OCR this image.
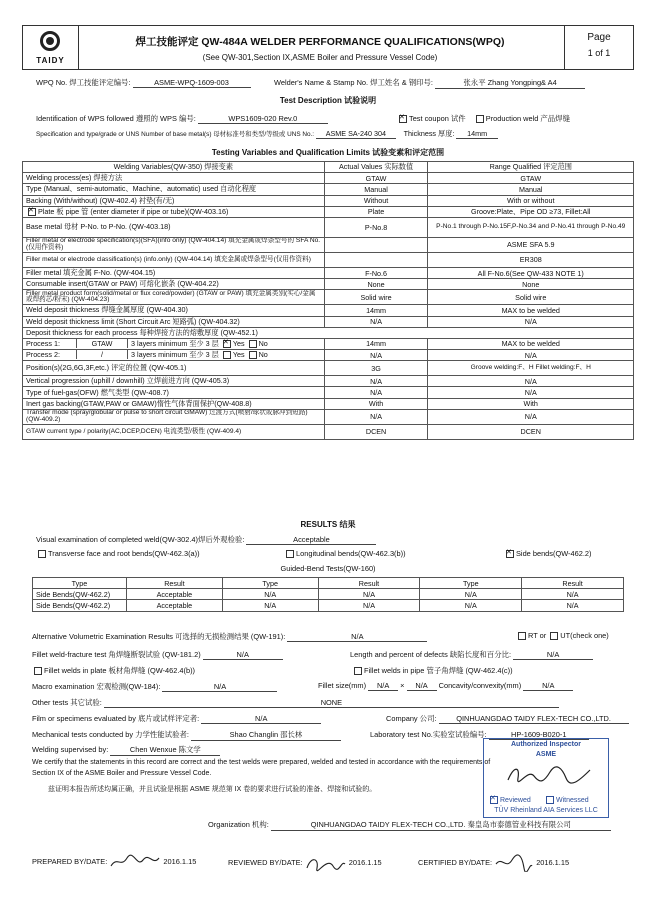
TAIDY
焊工技能评定 QW-484A WELDER PERFORMANCE QUALIFICATIONS(WPQ)
(See QW-301,Section IX,ASME Boiler and Pressure Vessel Code)
Page
1 of 1
WPQ No. 焊工技能评定编号:	ASME-WPQ-1609-003	Welder's Name & Stamp No. 焊工姓名 & 钢印号:	张永平 Zhang Yongping& A4
Test Description 试验说明
Identification of WPS followed 遵照的 WPS 编号:	WPS1609-020 Rev.0 ✕	Test coupon 试件	Production weld 产品焊缝
Specification and type/grade or UNS Number of base metal(s) 母材标准号和类型/等级或 UNS No.: ASME SA-240 304 Thickness 厚度: 14mm
Testing Variables and Qualification Limits 试验变素和评定范围
Welding Variables(QW-350) 焊接变素	Actual Values 实际数值	Range Qualified 评定范围
Welding process(es) 焊接方法	GTAW	GTAW
Type (Manual、semi-automatic、Machine、automatic) used 自动化程度	Manual	Manual
Backing (With/without) (QW-402.4) 衬垫(有/无)	Without	With or without
✕Plate 板 pipe 管 (enter diameter if pipe or tube)(QW-403.16)	Plate	Groove:Plate、Pipe OD ≥73, Fillet:All
Base metal 母材 P-No. to P-No. (QW-403.18)	P-No.8	P-No.1 through P-No.15F,P-No.34 and P-No.41 through P-No.49
Filler metal or electrode specification(s)(SFA)(info only) (QW-404.14) 填充金属或焊条型号的 SFA No.(仅用作资料)		ASME SFA 5.9
Filler metal or electrode classification(s) (info.only) (QW-404.14) 填充金属或焊条型号(仅用作资料)		ER308
Filler metal 填充金属 F-No. (QW-404.15)	F-No.6	All F-No.6(See QW-433 NOTE 1)
Consumable insert(GTAW or PAW) 可熔化嵌条 (QW-404.22)	None	None
Filler metal product form(solid/metal or flux cored/powder) (GTAW or PAW) 填充金属类别(实心/金属或焊药芯/粉末) (QW-404.23)	Solid wire	Solid wire
Weld deposit thickness 焊缝金属厚度 (QW-404.30)	14mm	MAX to be welded
Weld deposit thickness limit (Short Circuit Arc 短路弧) (QW-404.32)	N/A	N/A
Deposit thickness for each process 每种焊接方法的熔敷厚度 (QW-452.1)		
Process 1: GTAW 3 layers minimum 至少 3 层 ✕ Yes No	14mm	MAX to be welded
Process 2: / 3 layers minimum 至少 3 层 Yes No	N/A	N/A
Position(s)(2G,6G,3F,etc.) 评定的位置 (QW-405.1)	3G	Groove welding:F、H Fillet welding:F、H
Vertical progression (uphill / downhill) 立焊前进方向 (QW-405.3)	N/A	N/A
Type of fuel-gas(OFW) 燃气类型 (QW-408.7)	N/A	N/A
Inert gas backing(GTAW,PAW or GMAW)惰性气体背面保护(QW-408.8)	With	With
Transfer mode (spray/globular or pulse to short circuit GMAW) 过渡方式(喷射/球状或脉冲到短路) (QW-409.2)	N/A	N/A
GTAW current type / polarity(AC,DCEP,DCEN) 电流类型/极性 (QW-409.4)	DCEN	DCEN
RESULTS 结果
Visual examination of completed weld(QW-302.4)焊后外观检验:	Acceptable
Transverse face and root bends(QW-462.3(a))	Longitudinal bends(QW-462.3(b)) ✕	Side bends(QW-462.2)
Guided-Bend Tests(QW-160)
Type	Result	Type	Result	Type	Result
Side Bends(QW-462.2)	Acceptable	N/A	N/A	N/A	N/A
Side Bends(QW-462.2)	Acceptable	N/A	N/A	N/A	N/A
Alternative Volumetric Examination Results 可选择的无损检测结果 (QW-191):	N/A	RT or UT(check one)
Fillet weld-fracture test 角焊缝断裂试验 (QW-181.2)	N/A	Length and percent of defects 缺陷长度和百分比:	N/A
Fillet welds in plate 板材角焊缝 (QW-462.4(b))	Fillet welds in pipe 管子角焊缝 (QW-462.4(c))
Macro examination 宏观检测(QW-184):	N/A	Fillet size(mm) N/A × N/A Concavity/convexity(mm)	N/A
Other tests 其它试验:	NONE
Film or specimens evaluated by 底片或试样评定者:	N/A	Company 公司:	QINHUANGDAO TAIDY FLEX-TECH CO.,LTD.
Mechanical tests conducted by 力学性能试验者:	Shao Changlin 邵长林	Laboratory test No.实验室试验编号:	HP-1609-B020-1
Welding supervised by:	Chen Wenxue 陈文学
We certify that the statements in this record are correct and the test welds were prepared, welded and tested in accordance with the requirements of
Section IX of the ASME Boiler and Pressure Vessel Code.
兹证明本报告所述均属正确，并且试验是根据 ASME 规范第 IX 卷的要求进行试验的准备、焊接和试验的。
Authorized Inspector
ASME
✕Reviewed	Witnessed
TÜV Rheinland AIA Services LLC
Organization 机构:	QINHUANGDAO TAIDY FLEX-TECH CO.,LTD. 秦皇岛市泰德管业科技有限公司
PREPARED BY/DATE:	2016.1.15	REVIEWED BY/DATE:	2016.1.15	CERTIFIED BY/DATE:	2016.1.15
